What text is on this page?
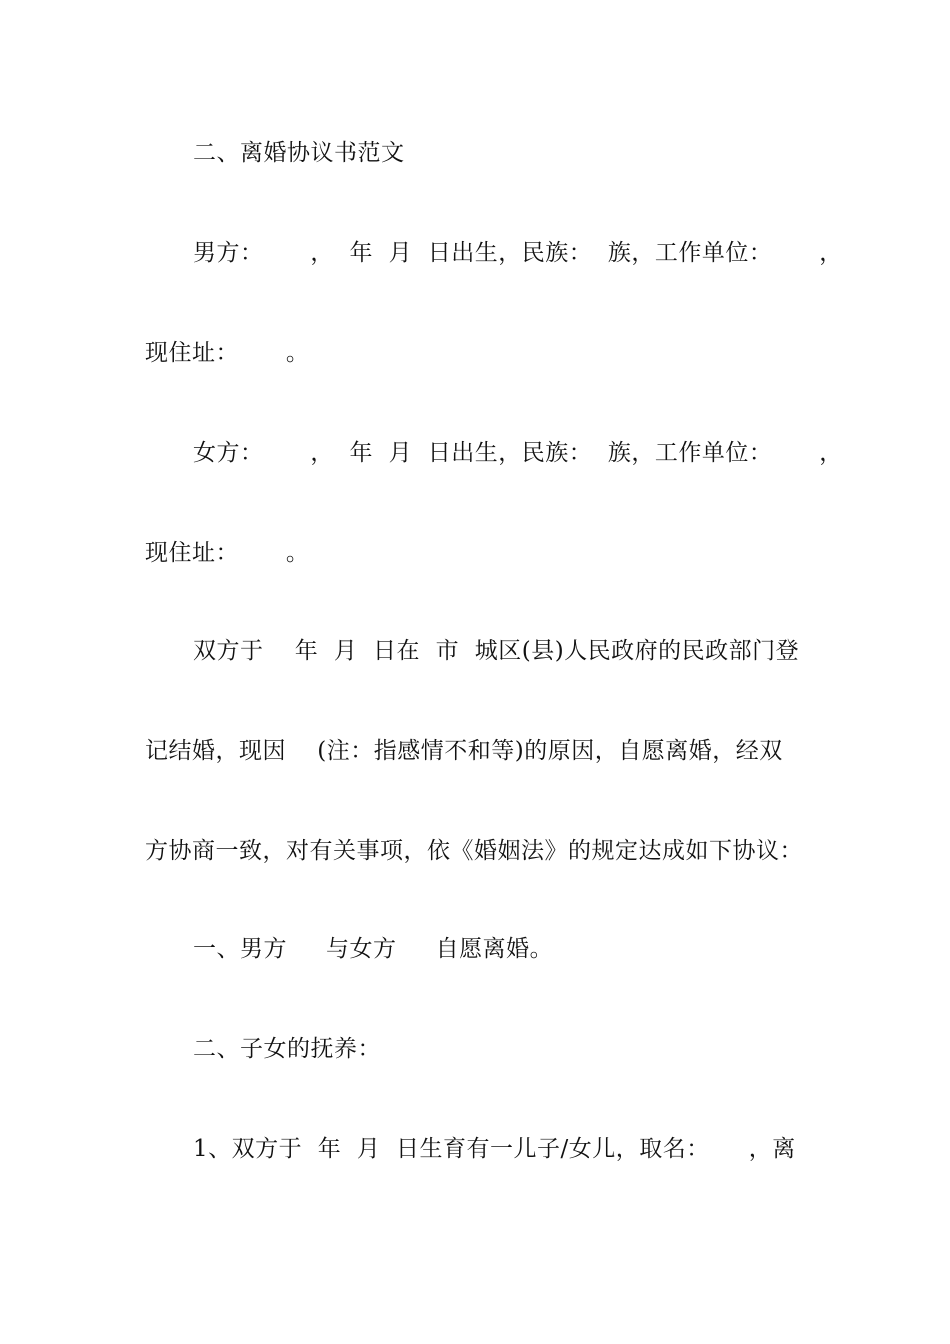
二、离婚协议书范文
男方：      ，  年  月  日出生，民族：  族，工作单位：      ，
现住址：      。
女方：      ，  年  月  日出生，民族：  族，工作单位：      ，
现住址：      。
双方于    年  月  日在  市  城区(县)人民政府的民政部门登
记结婚，现因    (注：指感情不和等)的原因，自愿离婚，经双
方协商一致，对有关事项，依《婚姻法》的规定达成如下协议：
一、男方     与女方     自愿离婚。
二、子女的抚养：
1、双方于  年  月  日生育有一儿子/女儿，取名：     ，离
